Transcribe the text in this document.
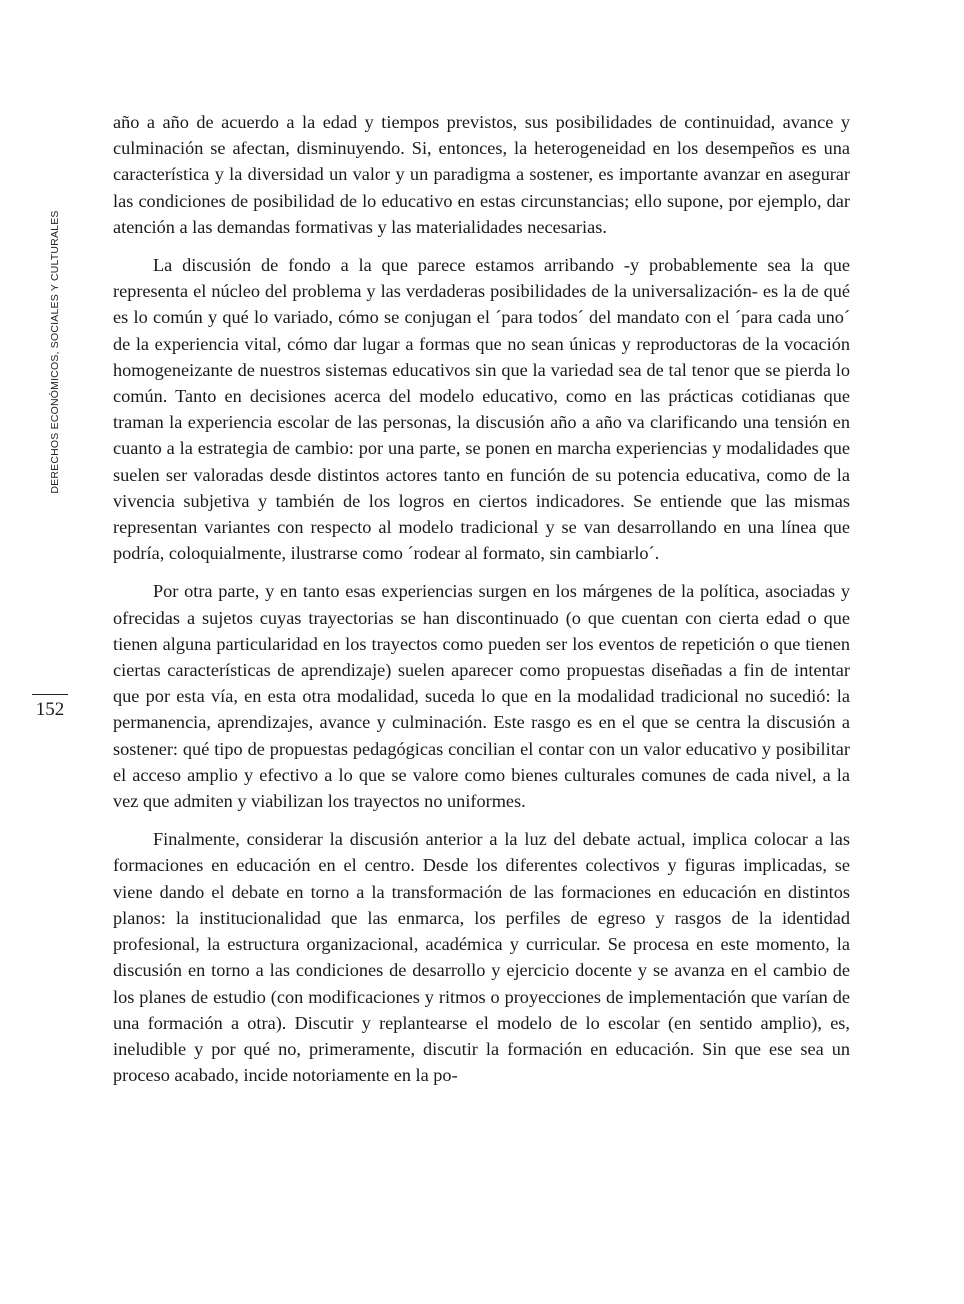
DERECHOS ECONÓMICOS, SOCIALES Y CULTURALES
152

año a año de acuerdo a la edad y tiempos previstos, sus posibilidades de continuidad, avance y culminación se afectan, disminuyendo. Si, entonces, la heterogeneidad en los desempeños es una característica y la diversidad un valor y un paradigma a sostener, es importante avanzar en asegurar las condiciones de posibilidad de lo educativo en estas circunstancias; ello supone, por ejemplo, dar atención a las demandas formativas y las materialidades necesarias.

La discusión de fondo a la que parece estamos arribando -y probablemente sea la que representa el núcleo del problema y las verdaderas posibilidades de la universalización- es la de qué es lo común y qué lo variado, cómo se conjugan el ´para todos´ del mandato con el ´para cada uno´ de la experiencia vital, cómo dar lugar a formas que no sean únicas y reproductoras de la vocación homogeneizante de nuestros sistemas educativos sin que la variedad sea de tal tenor que se pierda lo común. Tanto en decisiones acerca del modelo educativo, como en las prácticas cotidianas que traman la experiencia escolar de las personas, la discusión año a año va clarificando una tensión en cuanto a la estrategia de cambio: por una parte, se ponen en marcha experiencias y modalidades que suelen ser valoradas desde distintos actores tanto en función de su potencia educativa, como de la vivencia subjetiva y también de los logros en ciertos indicadores. Se entiende que las mismas representan variantes con respecto al modelo tradicional y se van desarrollando en una línea que podría, coloquialmente, ilustrarse como ´rodear al formato, sin cambiarlo´.

Por otra parte, y en tanto esas experiencias surgen en los márgenes de la política, asociadas y ofrecidas a sujetos cuyas trayectorias se han discontinuado (o que cuentan con cierta edad o que tienen alguna particularidad en los trayectos como pueden ser los eventos de repetición o que tienen ciertas características de aprendizaje) suelen aparecer como propuestas diseñadas a fin de intentar que por esta vía, en esta otra modalidad, suceda lo que en la modalidad tradicional no sucedió: la permanencia, aprendizajes, avance y culminación. Este rasgo es en el que se centra la discusión a sostener: qué tipo de propuestas pedagógicas concilian el contar con un valor educativo y posibilitar el acceso amplio y efectivo a lo que se valore como bienes culturales comunes de cada nivel, a la vez que admiten y viabilizan los trayectos no uniformes.

Finalmente, considerar la discusión anterior a la luz del debate actual, implica colocar a las formaciones en educación en el centro. Desde los diferentes colectivos y figuras implicadas, se viene dando el debate en torno a la transformación de las formaciones en educación en distintos planos: la institucionalidad que las enmarca, los perfiles de egreso y rasgos de la identidad profesional, la estructura organizacional, académica y curricular. Se procesa en este momento, la discusión en torno a las condiciones de desarrollo y ejercicio docente y se avanza en el cambio de los planes de estudio (con modificaciones y ritmos o proyecciones de implementación que varían de una formación a otra). Discutir y replantearse el modelo de lo escolar (en sentido amplio), es, ineludible y por qué no, primeramente, discutir la formación en educación. Sin que ese sea un proceso acabado, incide notoriamente en la po-
